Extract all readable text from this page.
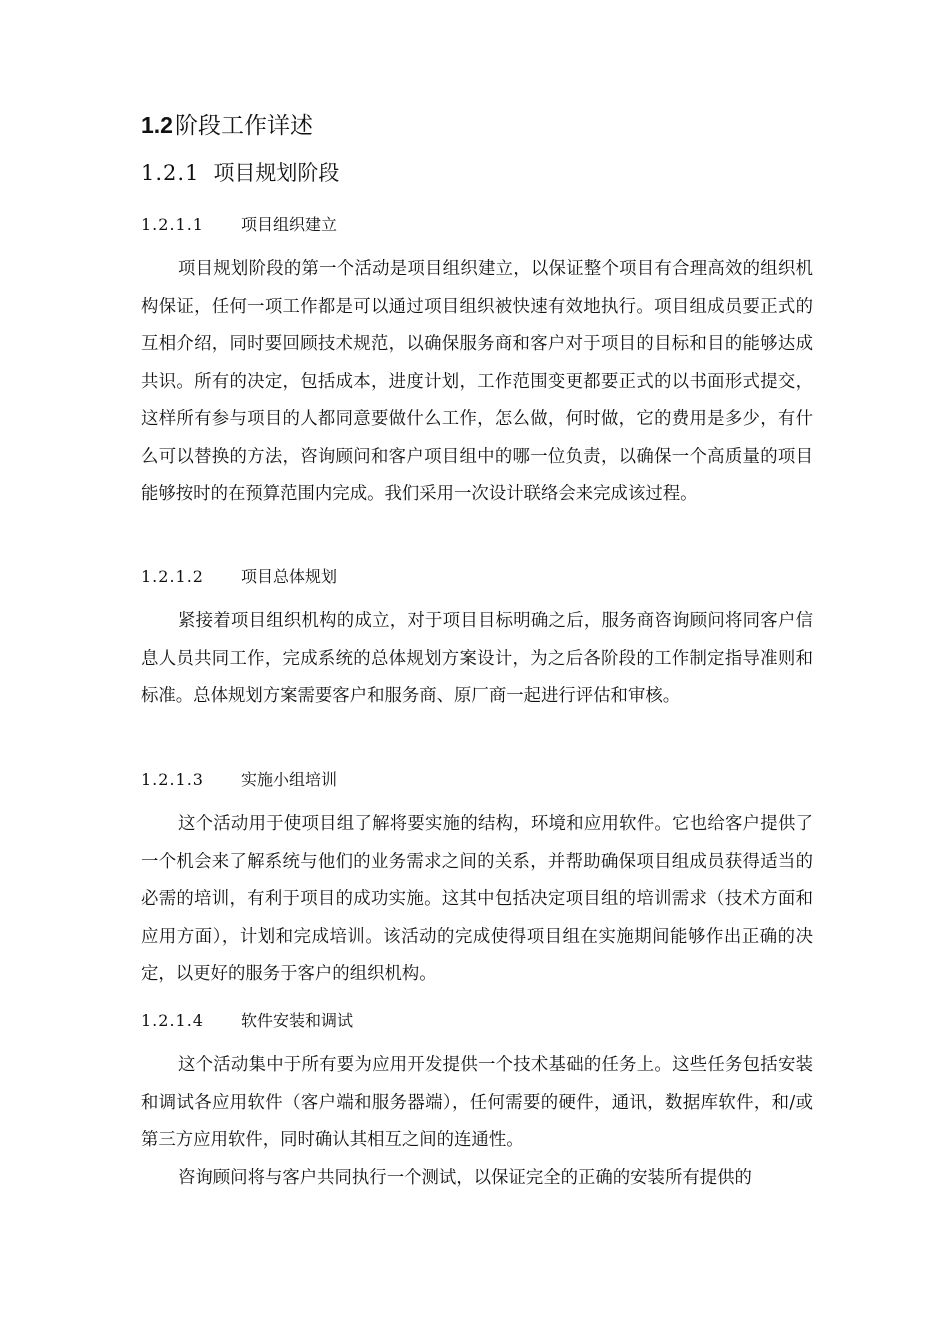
1.2阶段工作详述
1.2.1 项目规划阶段
1.2.1.1 项目组织建立

项目规划阶段的第一个活动是项目组织建立，以保证整个项目有合理高效的组织机构保证，任何一项工作都是可以通过项目组织被快速有效地执行。项目组成员要正式的互相介绍，同时要回顾技术规范，以确保服务商和客户对于项目的目标和目的能够达成共识。所有的决定，包括成本，进度计划，工作范围变更都要正式的以书面形式提交，这样所有参与项目的人都同意要做什么工作，怎么做，何时做，它的费用是多少，有什么可以替换的方法，咨询顾问和客户项目组中的哪一位负责，以确保一个高质量的项目能够按时的在预算范围内完成。我们采用一次设计联络会来完成该过程。

1.2.1.2 项目总体规划

紧接着项目组织机构的成立，对于项目目标明确之后，服务商咨询顾问将同客户信息人员共同工作，完成系统的总体规划方案设计，为之后各阶段的工作制定指导准则和标准。总体规划方案需要客户和服务商、原厂商一起进行评估和审核。

1.2.1.3 实施小组培训

这个活动用于使项目组了解将要实施的结构，环境和应用软件。它也给客户提供了一个机会来了解系统与他们的业务需求之间的关系，并帮助确保项目组成员获得适当的必需的培训，有利于项目的成功实施。这其中包括决定项目组的培训需求（技术方面和应用方面），计划和完成培训。该活动的完成使得项目组在实施期间能够作出正确的决定，以更好的服务于客户的组织机构。

1.2.1.4 软件安装和调试

这个活动集中于所有要为应用开发提供一个技术基础的任务上。这些任务包括安装和调试各应用软件（客户端和服务器端），任何需要的硬件，通讯，数据库软件，和/或第三方应用软件，同时确认其相互之间的连通性。

咨询顾问将与客户共同执行一个测试，以保证完全的正确的安装所有提供的
